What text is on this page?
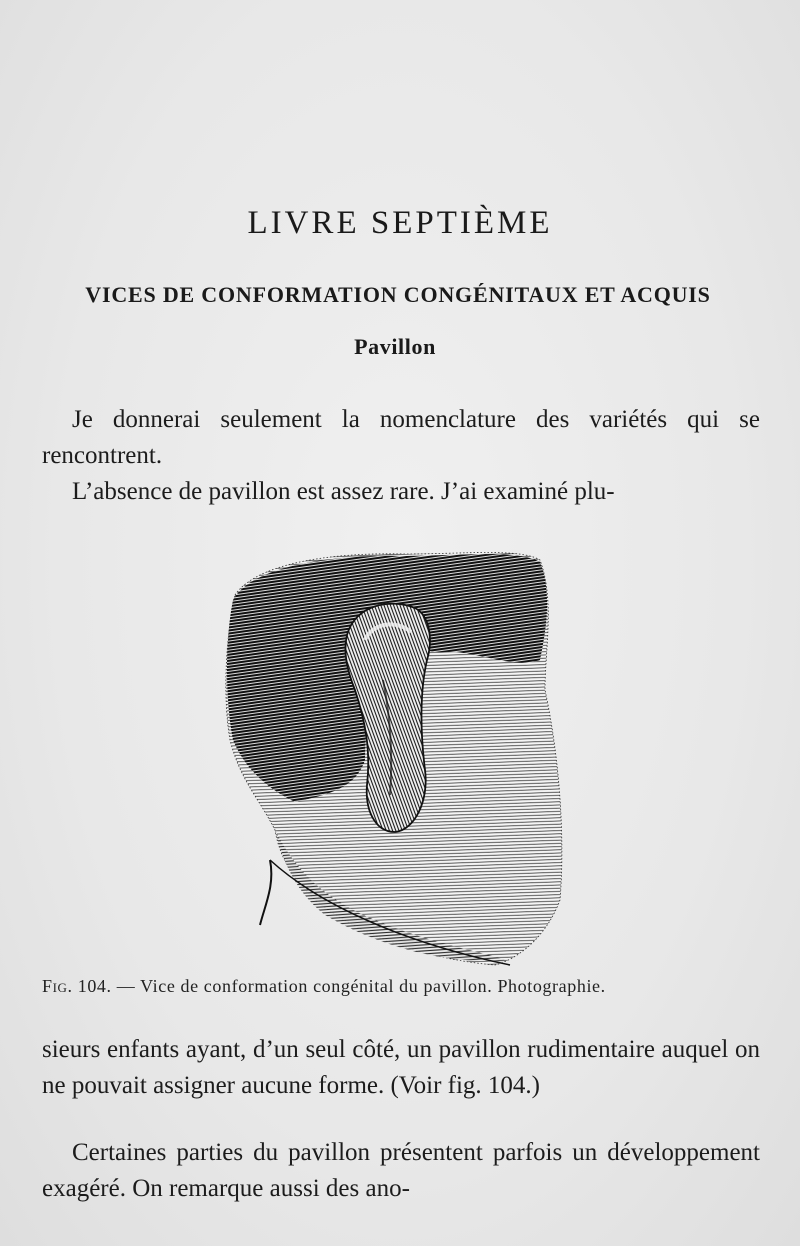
LIVRE SEPTIÈME
VICES DE CONFORMATION CONGÉNITAUX ET ACQUIS
Pavillon
Je donnerai seulement la nomenclature des variétés qui se rencontrent.
L’absence de pavillon est assez rare. J’ai examiné plu-
Fig. 104. — Vice de conformation congénital du pavillon. Photographie.
sieurs enfants ayant, d’un seul côté, un pavillon rudimentaire auquel on ne pouvait assigner aucune forme. (Voir fig. 104.)
Certaines parties du pavillon présentent parfois un développement exagéré. On remarque aussi des ano-
